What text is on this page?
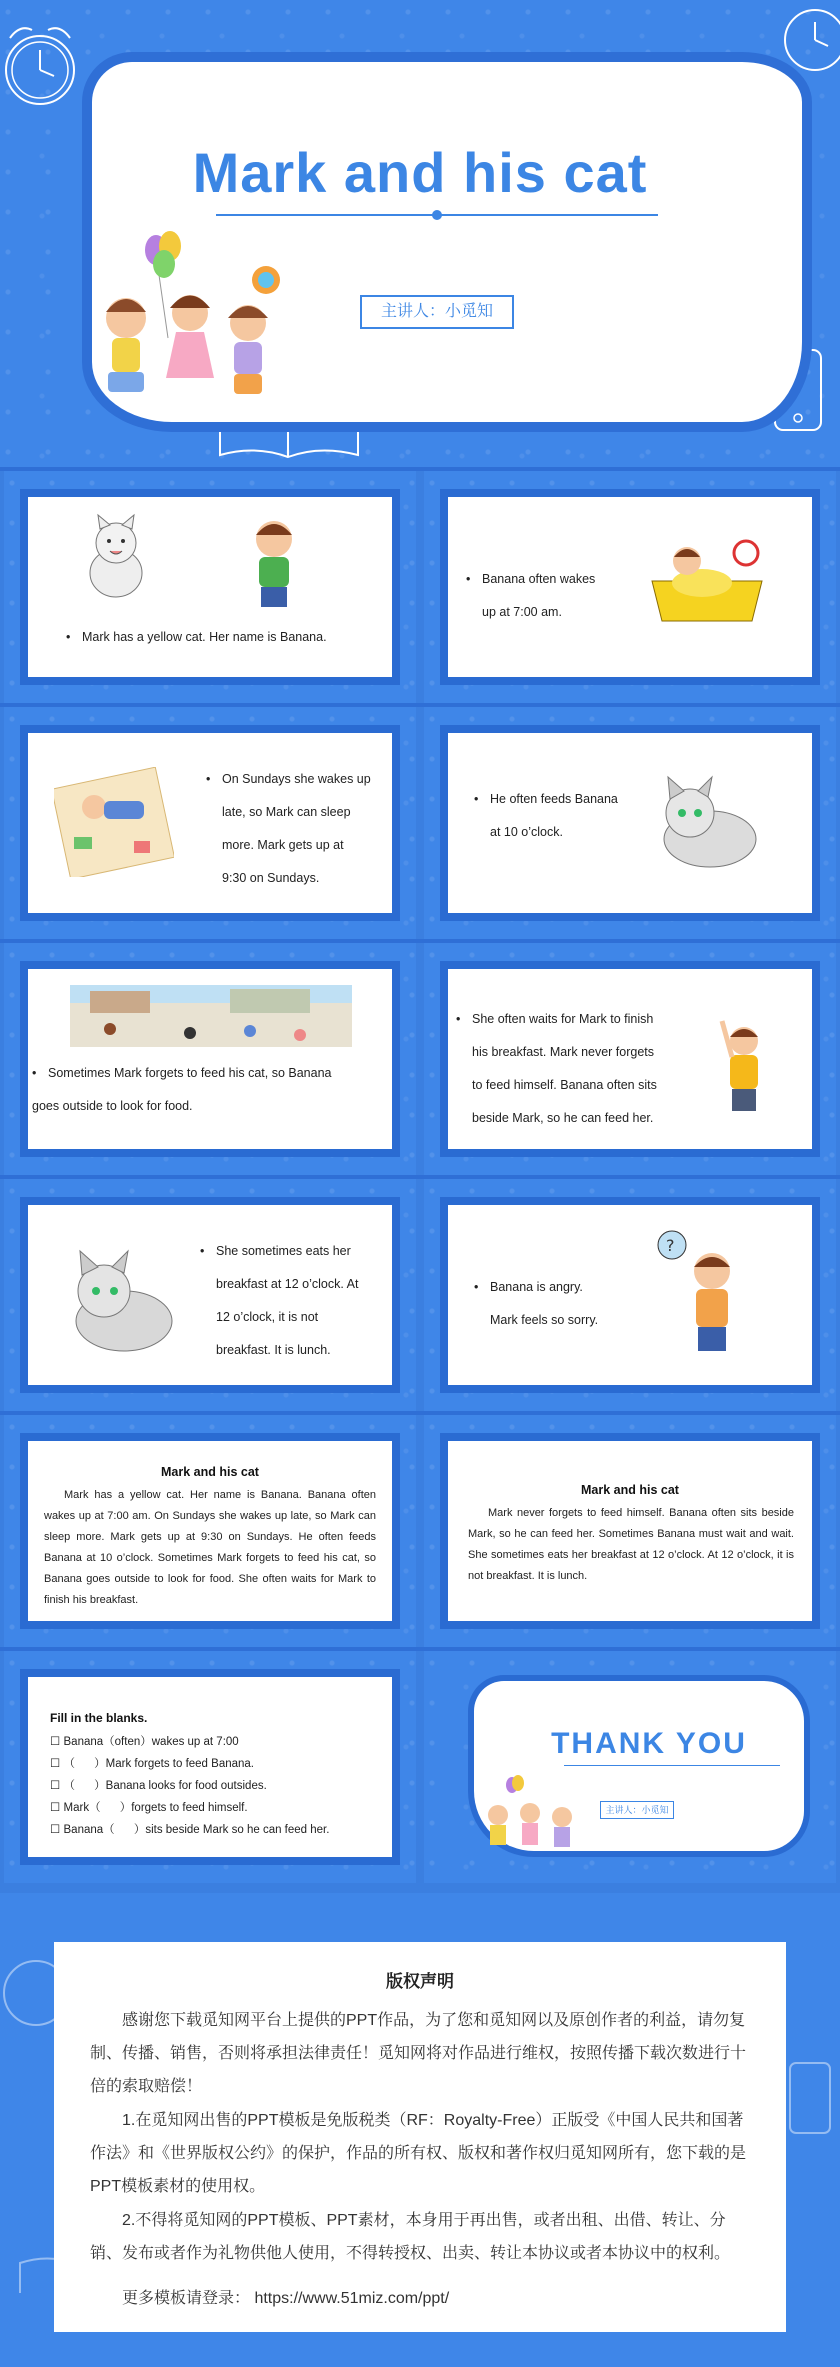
Mark and his cat
主讲人：小觅知
• Mark has a yellow cat. Her name is Banana.
• Banana often wakes
up at 7:00 am.
• On Sundays she wakes up
late, so Mark can sleep
more. Mark gets up at
9:30 on Sundays.
• He often feeds Banana
at 10 o’clock.
• Sometimes Mark forgets to feed his cat, so Banana
goes outside to look for food.
• She often waits for Mark to finish
his breakfast. Mark never forgets
to feed himself. Banana often sits
beside Mark, so he can feed her.
• She sometimes eats her
breakfast at 12 o’clock. At
12 o’clock, it is not
breakfast. It is lunch.
• Banana is angry.
Mark feels so sorry.
?
Mark and his cat
Mark has a yellow cat. Her name is Banana. Banana often wakes up at 7:00 am. On Sundays she wakes up late, so Mark can sleep more. Mark gets up at 9:30 on Sundays. He often feeds Banana at 10 o’clock. Sometimes Mark forgets to feed his cat, so Banana goes outside to look for food. She often waits for Mark to finish his breakfast.
Mark and his cat
Mark never forgets to feed himself. Banana often sits beside Mark, so he can feed her. Sometimes Banana must wait and wait. She sometimes eats her breakfast at 12 o’clock. At 12 o’clock, it is not breakfast. It is lunch.
Fill in the blanks.
☐ Banana（often）wakes up at 7:00
☐ （      ）Mark forgets to feed Banana.
☐ （      ）Banana looks for food outsides.
☐ Mark（      ）forgets to feed himself.
☐ Banana（      ）sits beside Mark so he can feed her.
THANK YOU
主讲人：小觅知
版权声明
感谢您下载觅知网平台上提供的PPT作品，为了您和觅知网以及原创作者的利益，请勿复制、传播、销售，否则将承担法律责任！觅知网将对作品进行维权，按照传播下载次数进行十倍的索取赔偿！
1.在觅知网出售的PPT模板是免版税类（RF：Royalty-Free）正版受《中国人民共和国著作法》和《世界版权公约》的保护，作品的所有权、版权和著作权归觅知网所有，您下载的是PPT模板素材的使用权。
2.不得将觅知网的PPT模板、PPT素材，本身用于再出售，或者出租、出借、转让、分销、发布或者作为礼物供他人使用，不得转授权、出卖、转让本协议或者本协议中的权利。
更多模板请登录： https://www.51miz.com/ppt/
